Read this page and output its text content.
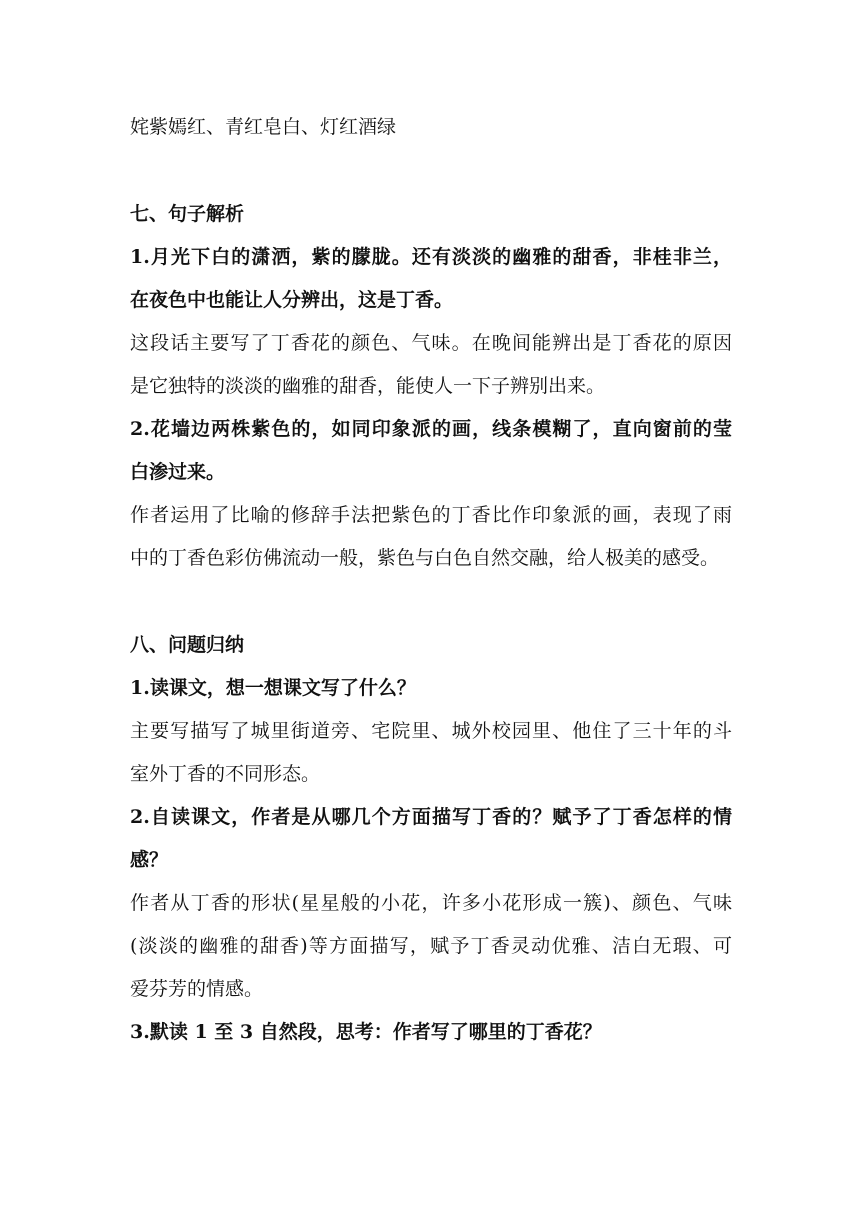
姹紫嫣红、青红皂白、灯红酒绿
七、句子解析
1.月光下白的潇洒，紫的朦胧。还有淡淡的幽雅的甜香，非桂非兰，
在夜色中也能让人分辨出，这是丁香。
这段话主要写了丁香花的颜色、气味。在晚间能辨出是丁香花的原因
是它独特的淡淡的幽雅的甜香，能使人一下子辨别出来。
2.花墙边两株紫色的，如同印象派的画，线条模糊了，直向窗前的莹
白渗过来。
作者运用了比喻的修辞手法把紫色的丁香比作印象派的画，表现了雨
中的丁香色彩仿佛流动一般，紫色与白色自然交融，给人极美的感受。
八、问题归纳
1.读课文，想一想课文写了什么？
主要写描写了城里街道旁、宅院里、城外校园里、他住了三十年的斗
室外丁香的不同形态。
2.自读课文，作者是从哪几个方面描写丁香的？赋予了丁香怎样的情
感？
作者从丁香的形状(星星般的小花，许多小花形成一簇)、颜色、气味
(淡淡的幽雅的甜香)等方面描写，赋予丁香灵动优雅、洁白无瑕、可
爱芬芳的情感。
3.默读 1 至 3 自然段，思考：作者写了哪里的丁香花？
